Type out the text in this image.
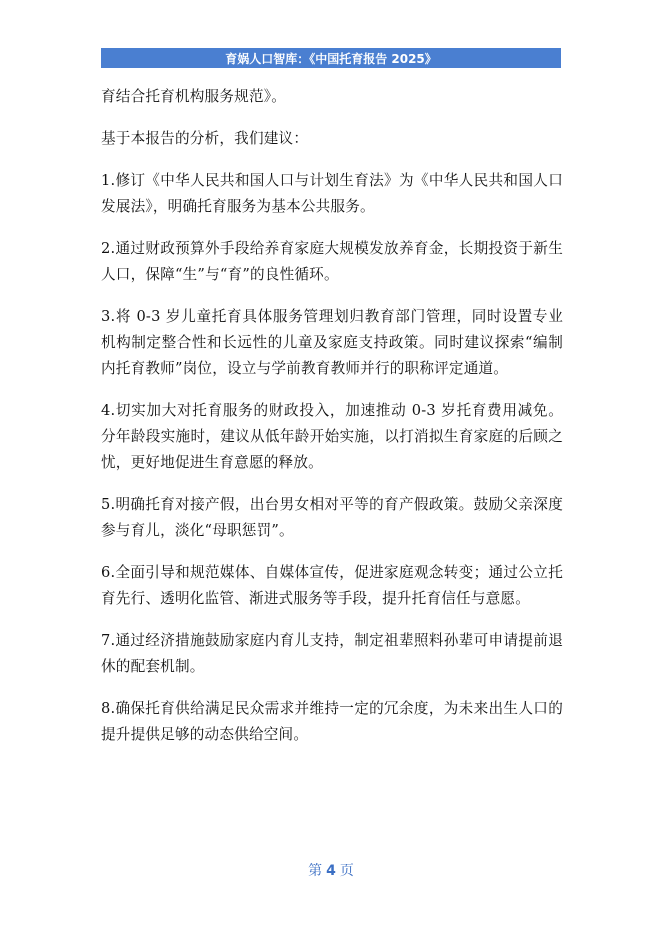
育娲人口智库：《中国托育报告 2025》

育结合托育机构服务规范》。

基于本报告的分析，我们建议：

1.修订《中华人民共和国人口与计划生育法》为《中华人民共和国人口发展法》，明确托育服务为基本公共服务。

2.通过财政预算外手段给养育家庭大规模发放养育金，长期投资于新生人口，保障“生”与“育”的良性循环。

3.将 0-3 岁儿童托育具体服务管理划归教育部门管理，同时设置专业机构制定整合性和长远性的儿童及家庭支持政策。同时建议探索“编制内托育教师”岗位，设立与学前教育教师并行的职称评定通道。

4.切实加大对托育服务的财政投入，加速推动 0-3 岁托育费用减免。分年龄段实施时，建议从低年龄开始实施，以打消拟生育家庭的后顾之忧，更好地促进生育意愿的释放。

5.明确托育对接产假，出台男女相对平等的育产假政策。鼓励父亲深度参与育儿，淡化“母职惩罚”。

6.全面引导和规范媒体、自媒体宣传，促进家庭观念转变；通过公立托育先行、透明化监管、渐进式服务等手段，提升托育信任与意愿。

7.通过经济措施鼓励家庭内育儿支持，制定祖辈照料孙辈可申请提前退休的配套机制。

8.确保托育供给满足民众需求并维持一定的冗余度，为未来出生人口的提升提供足够的动态供给空间。

第 4 页
